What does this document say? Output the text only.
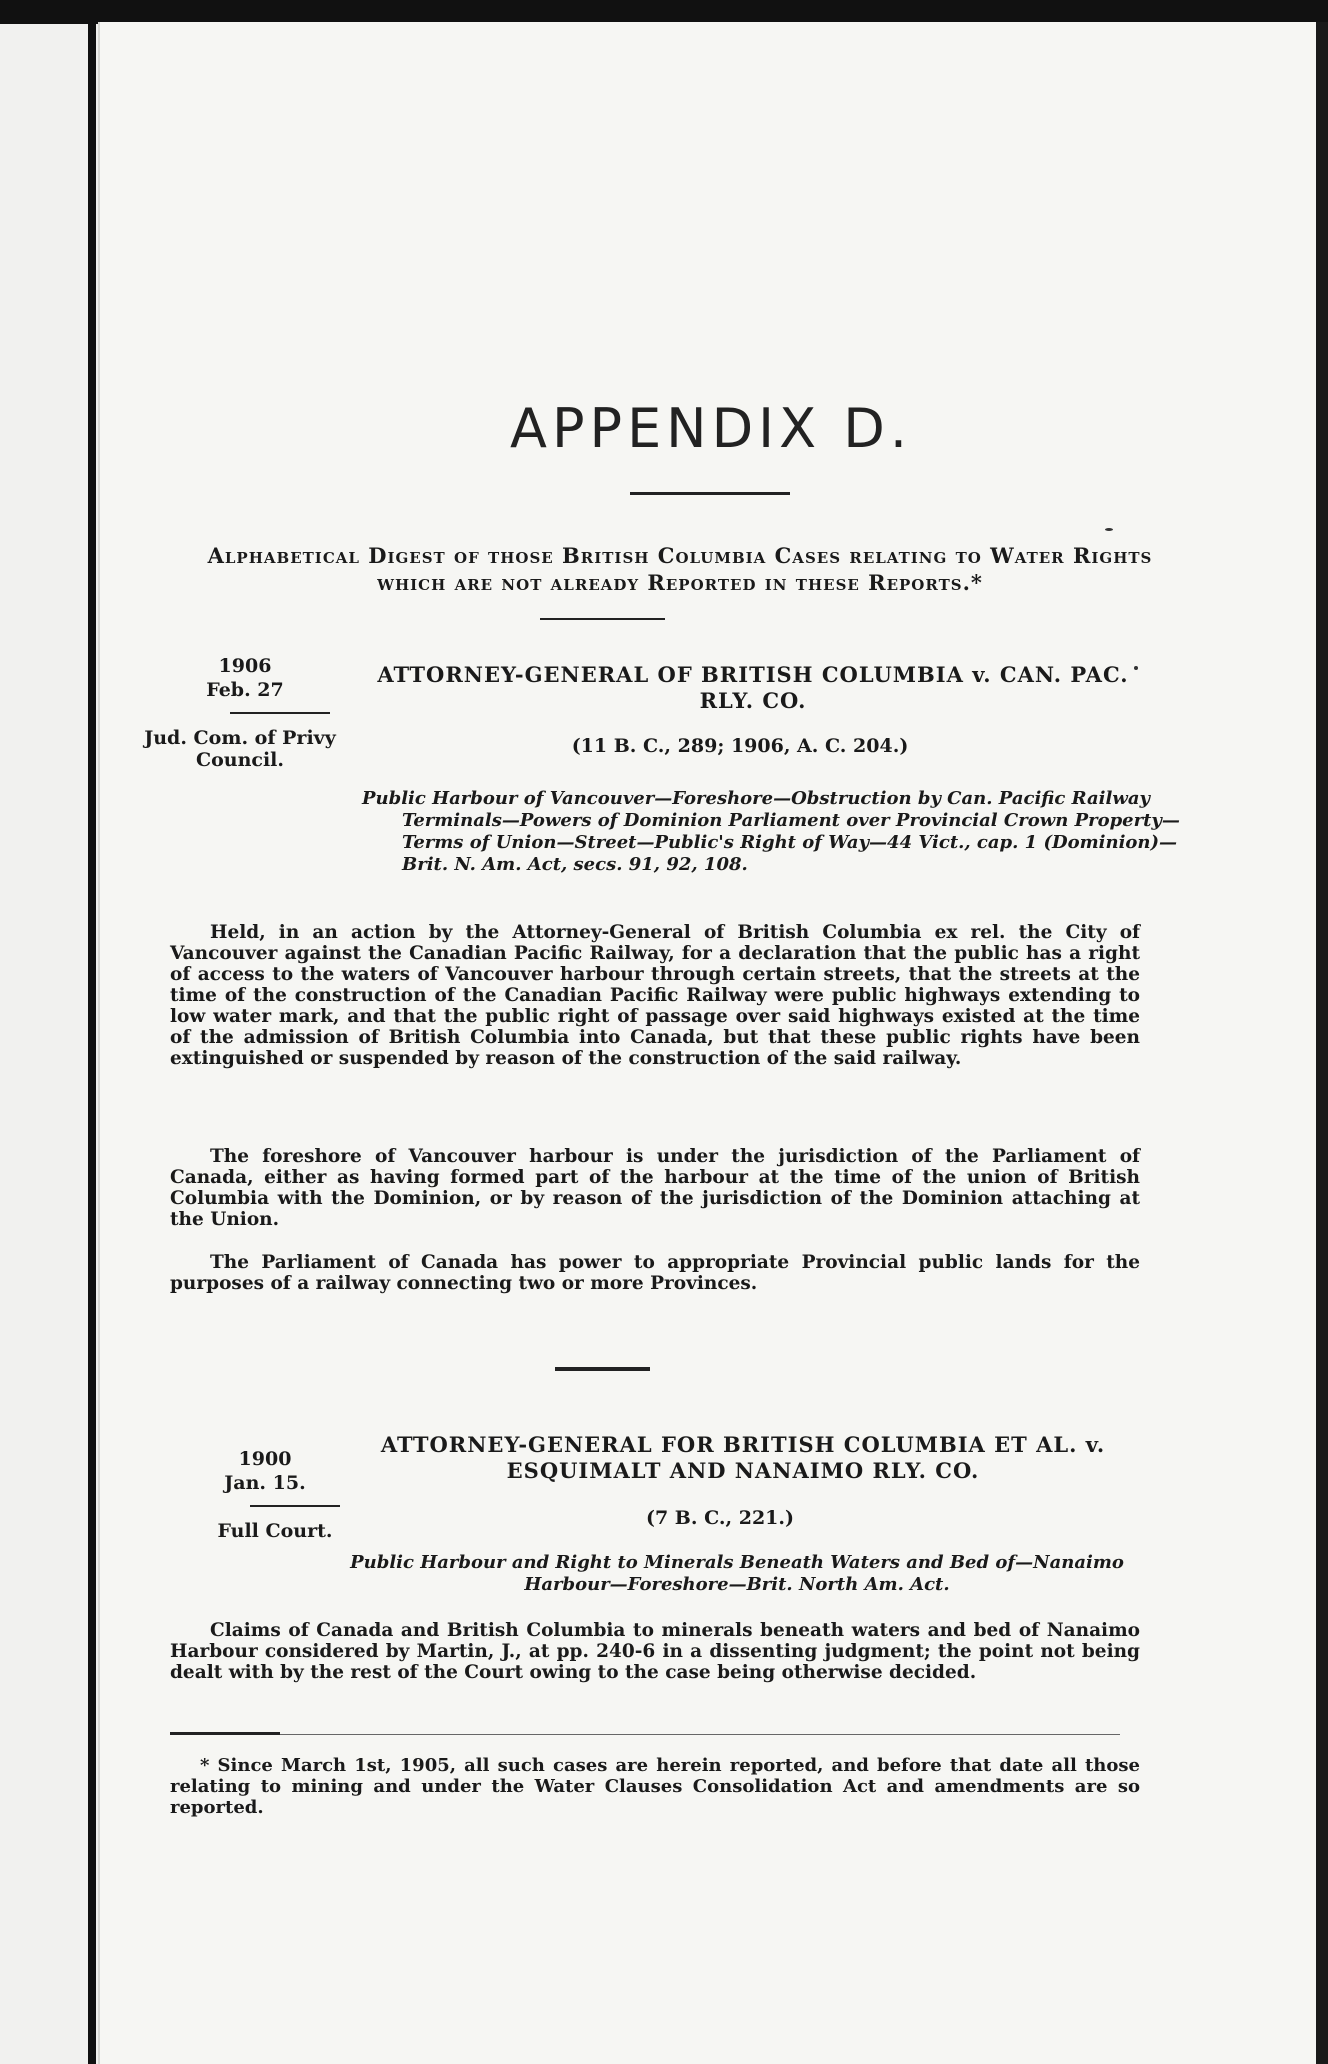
APPENDIX D.
Alphabetical Digest of those British Columbia Cases relating to Water Rights which are not already Reported in these Reports.*
1906
Feb. 27
Jud. Com. of Privy Council.
ATTORNEY-GENERAL OF BRITISH COLUMBIA v. CAN. PAC. RLY. CO.
(11 B. C., 289; 1906, A. C. 204.)
Public Harbour of Vancouver—Foreshore—Obstruction by Can. Pacific Railway Terminals—Powers of Dominion Parliament over Provincial Crown Property—Terms of Union—Street—Public's Right of Way—44 Vict., cap. 1 (Dominion)—Brit. N. Am. Act, secs. 91, 92, 108.
Held, in an action by the Attorney-General of British Columbia ex rel. the City of Vancouver against the Canadian Pacific Railway, for a declaration that the public has a right of access to the waters of Vancouver harbour through certain streets, that the streets at the time of the construction of the Canadian Pacific Railway were public highways extending to low water mark, and that the public right of passage over said highways existed at the time of the admission of British Columbia into Canada, but that these public rights have been extinguished or suspended by reason of the construction of the said railway.
The foreshore of Vancouver harbour is under the jurisdiction of the Parliament of Canada, either as having formed part of the harbour at the time of the union of British Columbia with the Dominion, or by reason of the jurisdiction of the Dominion attaching at the Union.
The Parliament of Canada has power to appropriate Provincial public lands for the purposes of a railway connecting two or more Provinces.
ATTORNEY-GENERAL FOR BRITISH COLUMBIA ET AL. v. ESQUIMALT AND NANAIMO RLY. CO.
1900
Jan. 15.
Full Court.
(7 B. C., 221.)
Public Harbour and Right to Minerals Beneath Waters and Bed of—Nanaimo Harbour—Foreshore—Brit. North Am. Act.
Claims of Canada and British Columbia to minerals beneath waters and bed of Nanaimo Harbour considered by Martin, J., at pp. 240-6 in a dissenting judgment; the point not being dealt with by the rest of the Court owing to the case being otherwise decided.
* Since March 1st, 1905, all such cases are herein reported, and before that date all those relating to mining and under the Water Clauses Consolidation Act and amendments are so reported.
